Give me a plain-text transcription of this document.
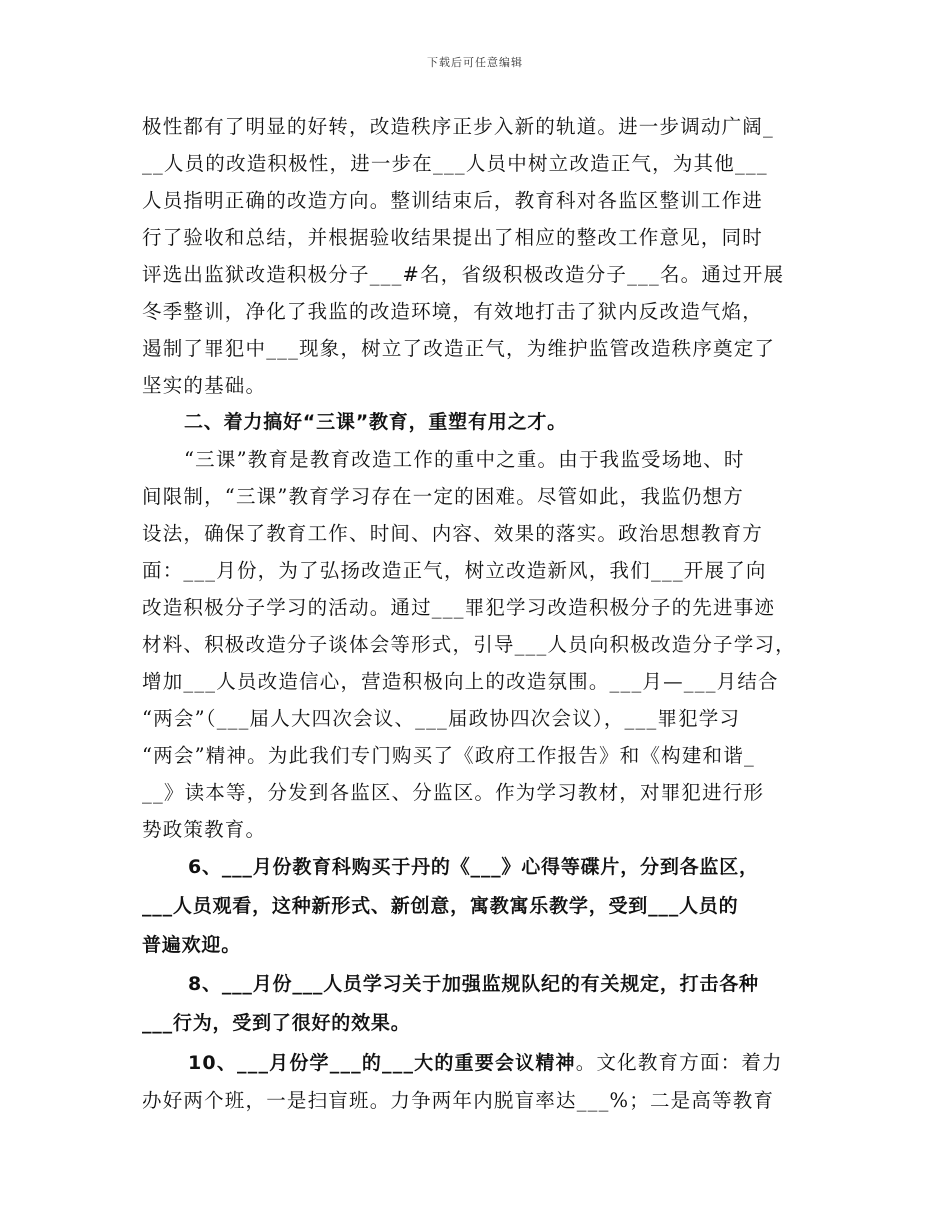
下载后可任意编辑
极性都有了明显的好转，改造秩序正步入新的轨道。进一步调动广阔_
__人员的改造积极性，进一步在___人员中树立改造正气，为其他___
人员指明正确的改造方向。整训结束后，教育科对各监区整训工作进
行了验收和总结，并根据验收结果提出了相应的整改工作意见，同时
评选出监狱改造积极分子___#名，省级积极改造分子___名。通过开展
冬季整训，净化了我监的改造环境，有效地打击了狱内反改造气焰，
遏制了罪犯中___现象，树立了改造正气，为维护监管改造秩序奠定了
坚实的基础。
二、着力搞好“三课”教育，重塑有用之才。
“三课”教育是教育改造工作的重中之重。由于我监受场地、时
间限制，“三课”教育学习存在一定的困难。尽管如此，我监仍想方
设法，确保了教育工作、时间、内容、效果的落实。政治思想教育方
面：___月份，为了弘扬改造正气，树立改造新风，我们___开展了向
改造积极分子学习的活动。通过___罪犯学习改造积极分子的先进事迹
材料、积极改造分子谈体会等形式，引导___人员向积极改造分子学习，
增加___人员改造信心，营造积极向上的改造氛围。___月—___月结合
“两会”（___届人大四次会议、___届政协四次会议），___罪犯学习
“两会”精神。为此我们专门购买了《政府工作报告》和《构建和谐_
__》读本等，分发到各监区、分监区。作为学习教材，对罪犯进行形
势政策教育。
6、___月份教育科购买于丹的《___》心得等碟片，分到各监区，
___人员观看，这种新形式、新创意，寓教寓乐教学，受到___人员的
普遍欢迎。
8、___月份___人员学习关于加强监规队纪的有关规定，打击各种
___行为，受到了很好的效果。
10、___月份学___的___大的重要会议精神。文化教育方面：着力
办好两个班，一是扫盲班。力争两年内脱盲率达___%；二是高等教育
